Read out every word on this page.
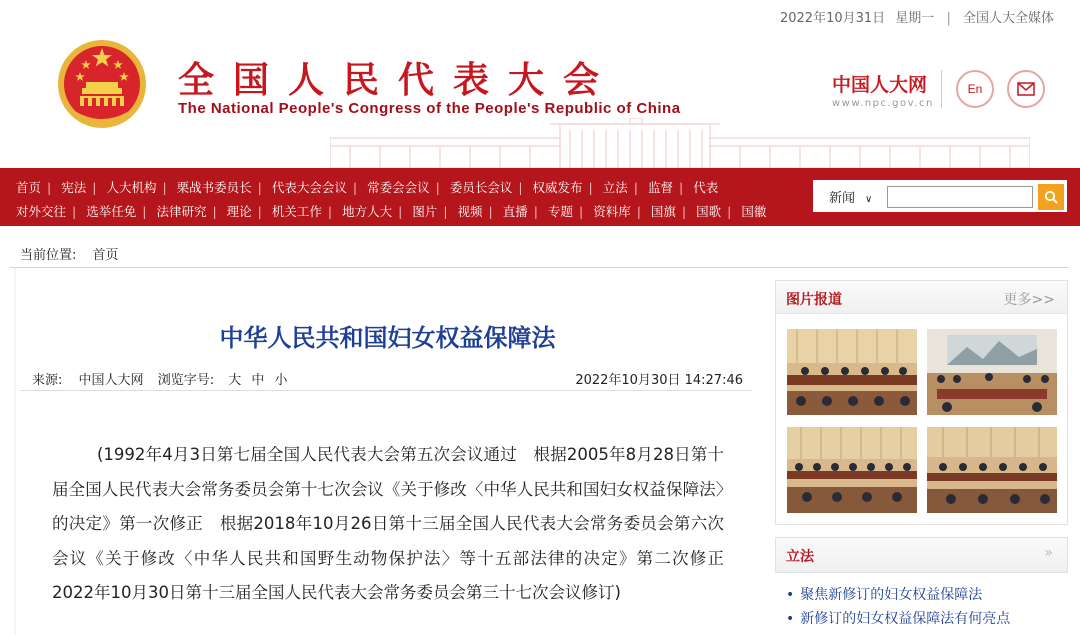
2022年10月31日 星期一 | 全国人大全媒体
全国人民代表大会
The National People's Congress of the People's Republic of China
中国人大网
www.npc.gov.cn
En
首页 | 宪法 | 人大机构 | 栗战书委员长 | 代表大会会议 | 常委会会议 | 委员长会议 | 权威发布 | 立法 | 监督 | 代表
对外交往 | 选举任免 | 法律研究 | 理论 | 机关工作 | 地方人大 | 图片 | 视频 | 直播 | 专题 | 资料库 | 国旗 | 国歌 | 国徽
新闻 ∨
当前位置: 首页
中华人民共和国妇女权益保障法
来源: 中国人大网 浏览字号: 大 中 小	2022年10月30日 14:27:46
(1992年4月3日第七届全国人民代表大会第五次会议通过　根据2005年8月28日第十届全国人民代表大会常务委员会第十七次会议《关于修改〈中华人民共和国妇女权益保障法〉的决定》第一次修正　根据2018年10月26日第十三届全国人民代表大会常务委员会第六次会议《关于修改〈中华人民共和国野生动物保护法〉等十五部法律的决定》第二次修正　2022年10月30日第十三届全国人民代表大会常务委员会第三十七次会议修订)
图片报道	更多>>
立法	»
• 聚焦新修订的妇女权益保障法
• 新修订的妇女权益保障法有何亮点
